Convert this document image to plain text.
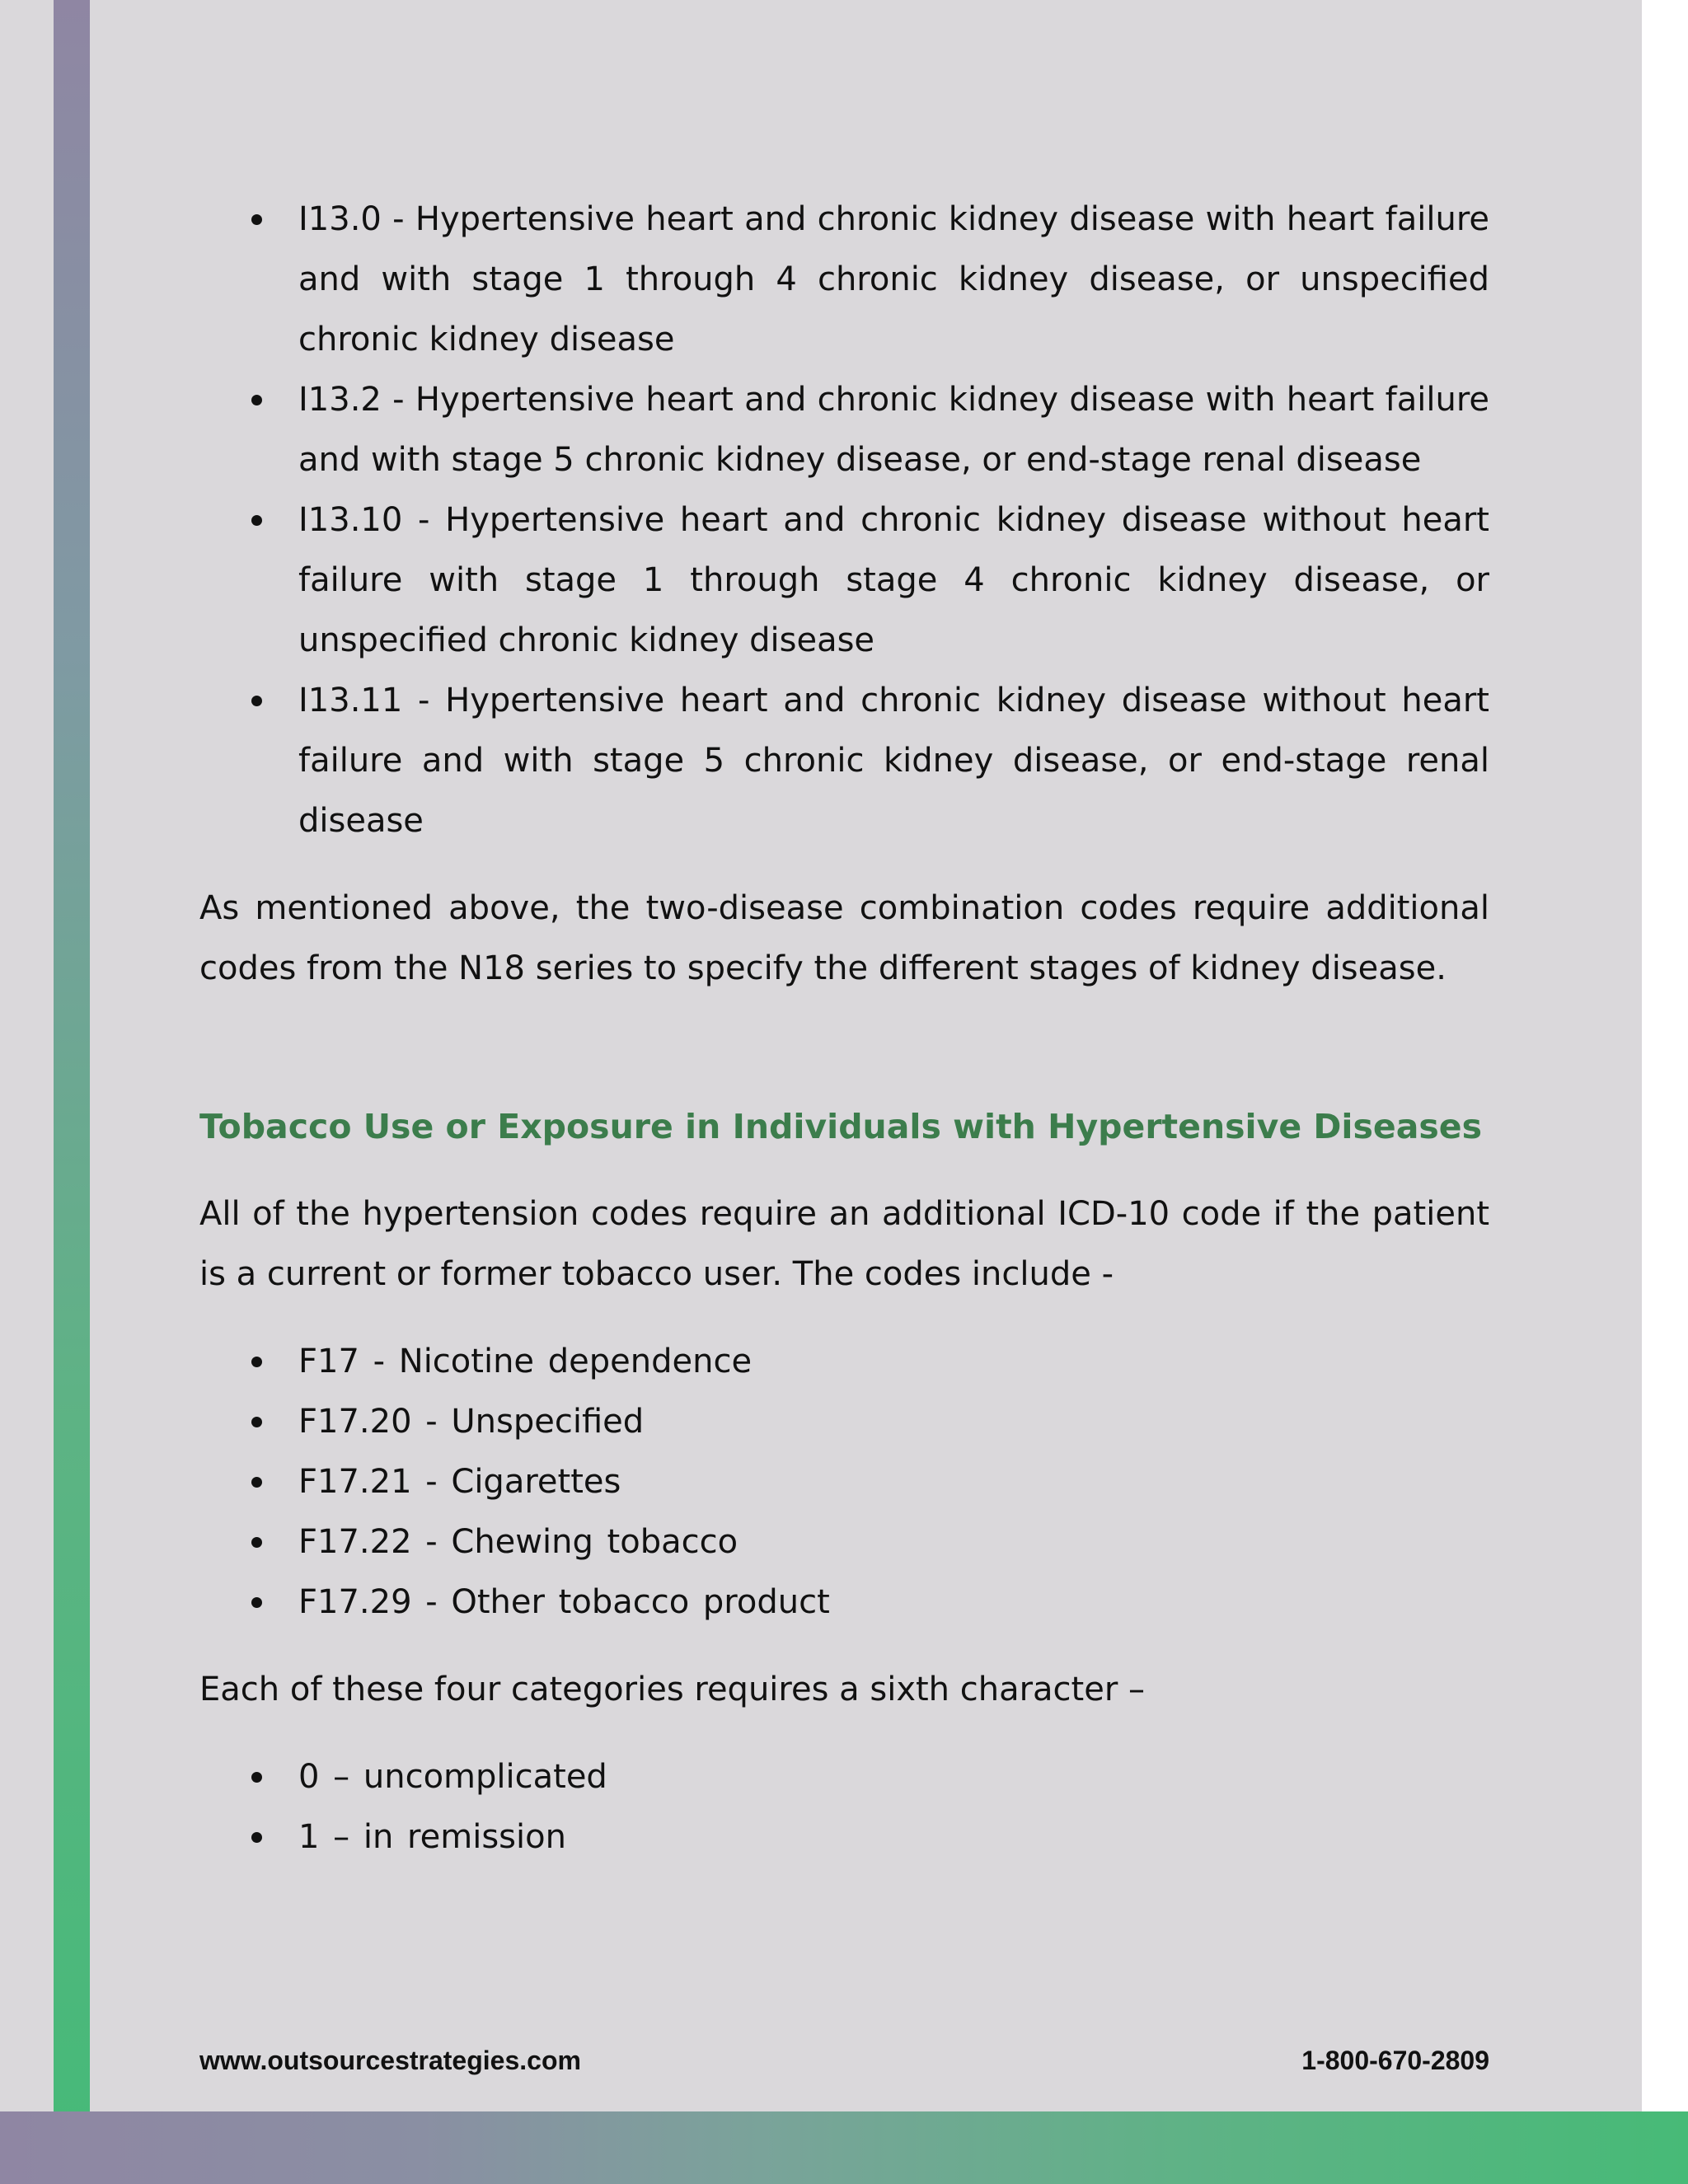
I13.0 - Hypertensive heart and chronic kidney disease with heart failure and with stage 1 through 4 chronic kidney disease, or unspecified chronic kidney disease
I13.2 - Hypertensive heart and chronic kidney disease with heart failure and with stage 5 chronic kidney disease, or end-stage renal disease
I13.10 - Hypertensive heart and chronic kidney disease without heart failure with stage 1 through stage 4 chronic kidney disease, or unspecified chronic kidney disease
I13.11 - Hypertensive heart and chronic kidney disease without heart failure and with stage 5 chronic kidney disease, or end-stage renal disease

As mentioned above, the two-disease combination codes require additional codes from the N18 series to specify the different stages of kidney disease.

Tobacco Use or Exposure in Individuals with Hypertensive Diseases

All of the hypertension codes require an additional ICD-10 code if the patient is a current or former tobacco user. The codes include -

F17 - Nicotine dependence
F17.20 - Unspecified
F17.21 - Cigarettes
F17.22 - Chewing tobacco
F17.29 - Other tobacco product

Each of these four categories requires a sixth character –

0 – uncomplicated
1 – in remission
www.outsourcestrategies.com	1-800-670-2809
